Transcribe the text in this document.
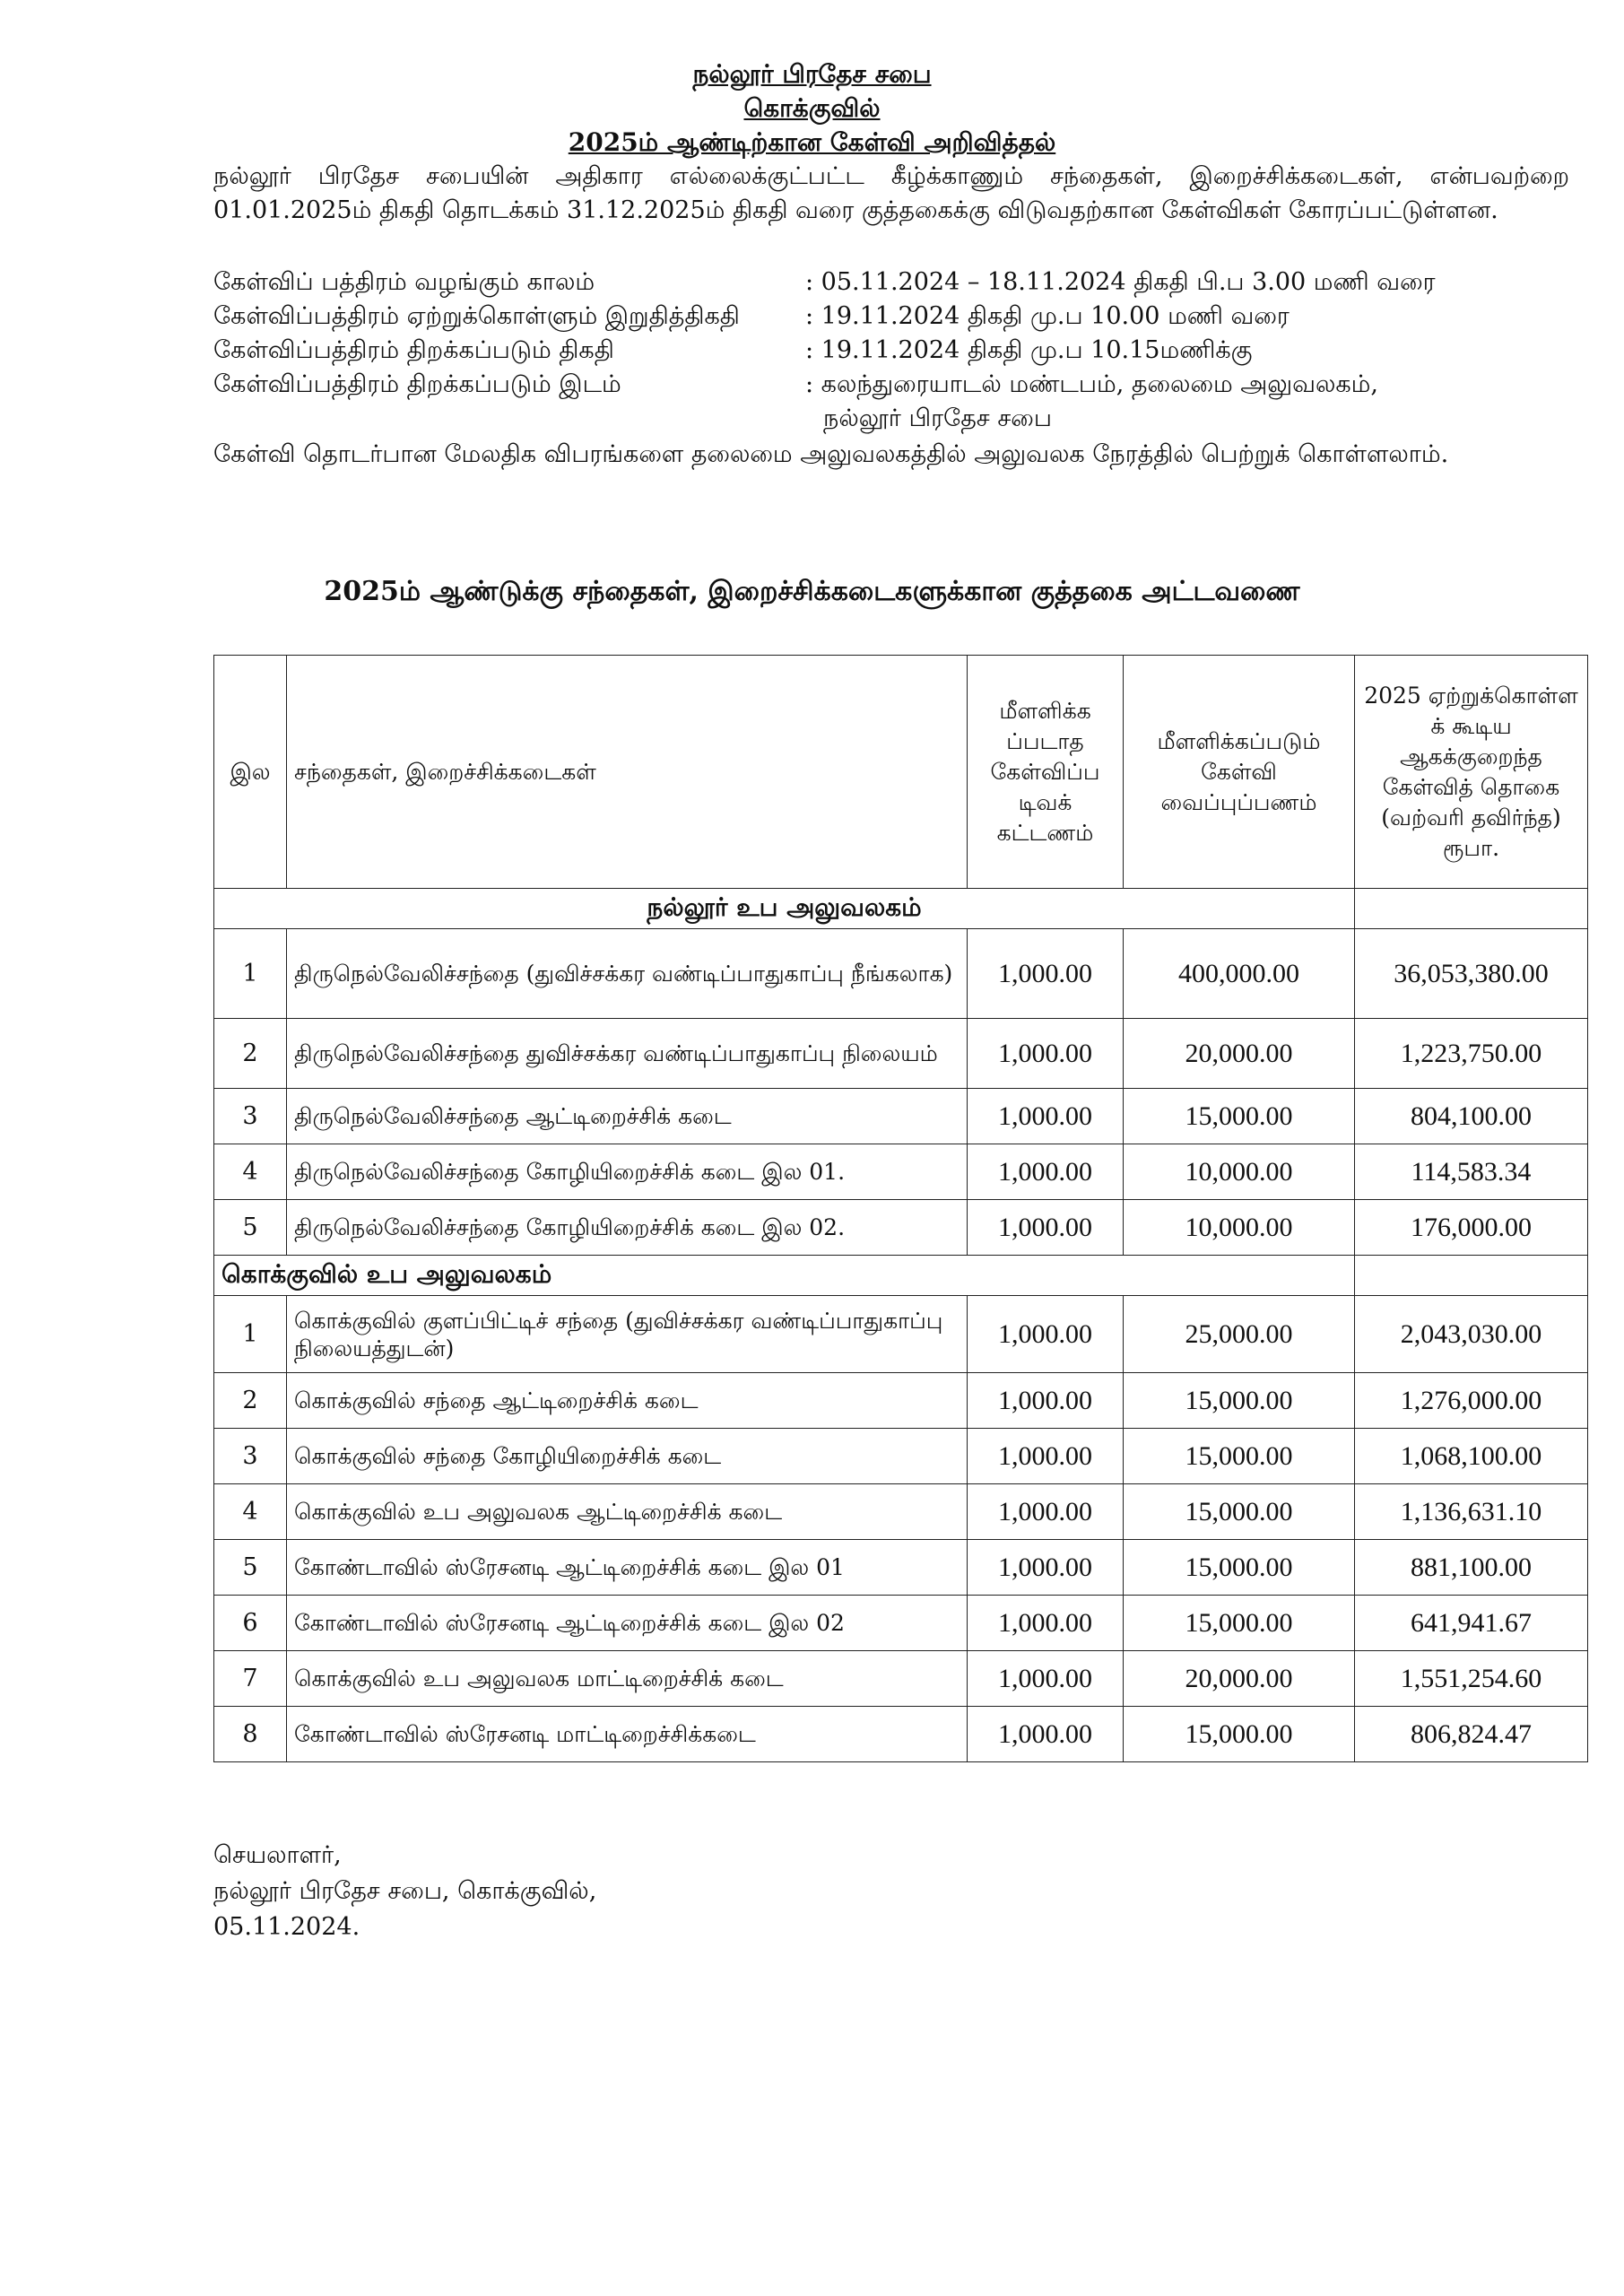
நல்லூர் பிரதேச சபை
கொக்குவில்
2025ம் ஆண்டிற்கான கேள்வி அறிவித்தல்
நல்லூர் பிரதேச சபையின் அதிகார எல்லைக்குட்பட்ட கீழ்க்காணும் சந்தைகள், இறைச்சிக்கடைகள், என்பவற்றை 01.01.2025ம் திகதி தொடக்கம் 31.12.2025ம் திகதி வரை குத்தகைக்கு விடுவதற்கான கேள்விகள் கோரப்பட்டுள்ளன.
கேள்விப் பத்திரம் வழங்கும் காலம்	: 05.11.2024 – 18.11.2024 திகதி பி.ப 3.00 மணி வரை
கேள்விப்பத்திரம் ஏற்றுக்கொள்ளும் இறுதித்திகதி	: 19.11.2024 திகதி மு.ப 10.00 மணி வரை
கேள்விப்பத்திரம் திறக்கப்படும் திகதி	: 19.11.2024 திகதி மு.ப 10.15மணிக்கு
கேள்விப்பத்திரம் திறக்கப்படும் இடம்	: கலந்துரையாடல் மண்டபம், தலைமை அலுவலகம்,
நல்லூர் பிரதேச சபை
கேள்வி தொடர்பான மேலதிக விபரங்களை தலைமை அலுவலகத்தில் அலுவலக நேரத்தில் பெற்றுக் கொள்ளலாம்.
2025ம் ஆண்டுக்கு சந்தைகள், இறைச்சிக்கடைகளுக்கான குத்தகை அட்டவணை
இல	சந்தைகள், இறைச்சிக்கடைகள்	மீளளிக்க ப்படாத கேள்விப்ப டிவக் கட்டணம்	மீளளிக்கப்படும் கேள்வி வைப்புப்பணம்	2025 ஏற்றுக்கொள்ள க் கூடிய ஆகக்குறைந்த கேள்வித் தொகை (வற்வரி தவிர்ந்த) ரூபா.
நல்லூர் உப அலுவலகம்				
1	திருநெல்வேலிச்சந்தை (துவிச்சக்கர வண்டிப்பாதுகாப்பு நீங்கலாக)	1,000.00	400,000.00	36,053,380.00
2	திருநெல்வேலிச்சந்தை துவிச்சக்கர வண்டிப்பாதுகாப்பு நிலையம்	1,000.00	20,000.00	1,223,750.00
3	திருநெல்வேலிச்சந்தை ஆட்டிறைச்சிக் கடை	1,000.00	15,000.00	804,100.00
4	திருநெல்வேலிச்சந்தை கோழியிறைச்சிக் கடை இல 01.	1,000.00	10,000.00	114,583.34
5	திருநெல்வேலிச்சந்தை கோழியிறைச்சிக் கடை இல 02.	1,000.00	10,000.00	176,000.00
கொக்குவில் உப அலுவலகம்				
1	கொக்குவில் குளப்பிட்டிச் சந்தை (துவிச்சக்கர வண்டிப்பாதுகாப்பு நிலையத்துடன்)	1,000.00	25,000.00	2,043,030.00
2	கொக்குவில் சந்தை ஆட்டிறைச்சிக் கடை	1,000.00	15,000.00	1,276,000.00
3	கொக்குவில் சந்தை கோழியிறைச்சிக் கடை	1,000.00	15,000.00	1,068,100.00
4	கொக்குவில் உப அலுவலக ஆட்டிறைச்சிக் கடை	1,000.00	15,000.00	1,136,631.10
5	கோண்டாவில் ஸ்ரேசனடி ஆட்டிறைச்சிக் கடை இல 01	1,000.00	15,000.00	881,100.00
6	கோண்டாவில் ஸ்ரேசனடி ஆட்டிறைச்சிக் கடை இல 02	1,000.00	15,000.00	641,941.67
7	கொக்குவில் உப அலுவலக மாட்டிறைச்சிக் கடை	1,000.00	20,000.00	1,551,254.60
8	கோண்டாவில் ஸ்ரேசனடி மாட்டிறைச்சிக்கடை	1,000.00	15,000.00	806,824.47
செயலாளர்,
நல்லூர் பிரதேச சபை, கொக்குவில்,
05.11.2024.
